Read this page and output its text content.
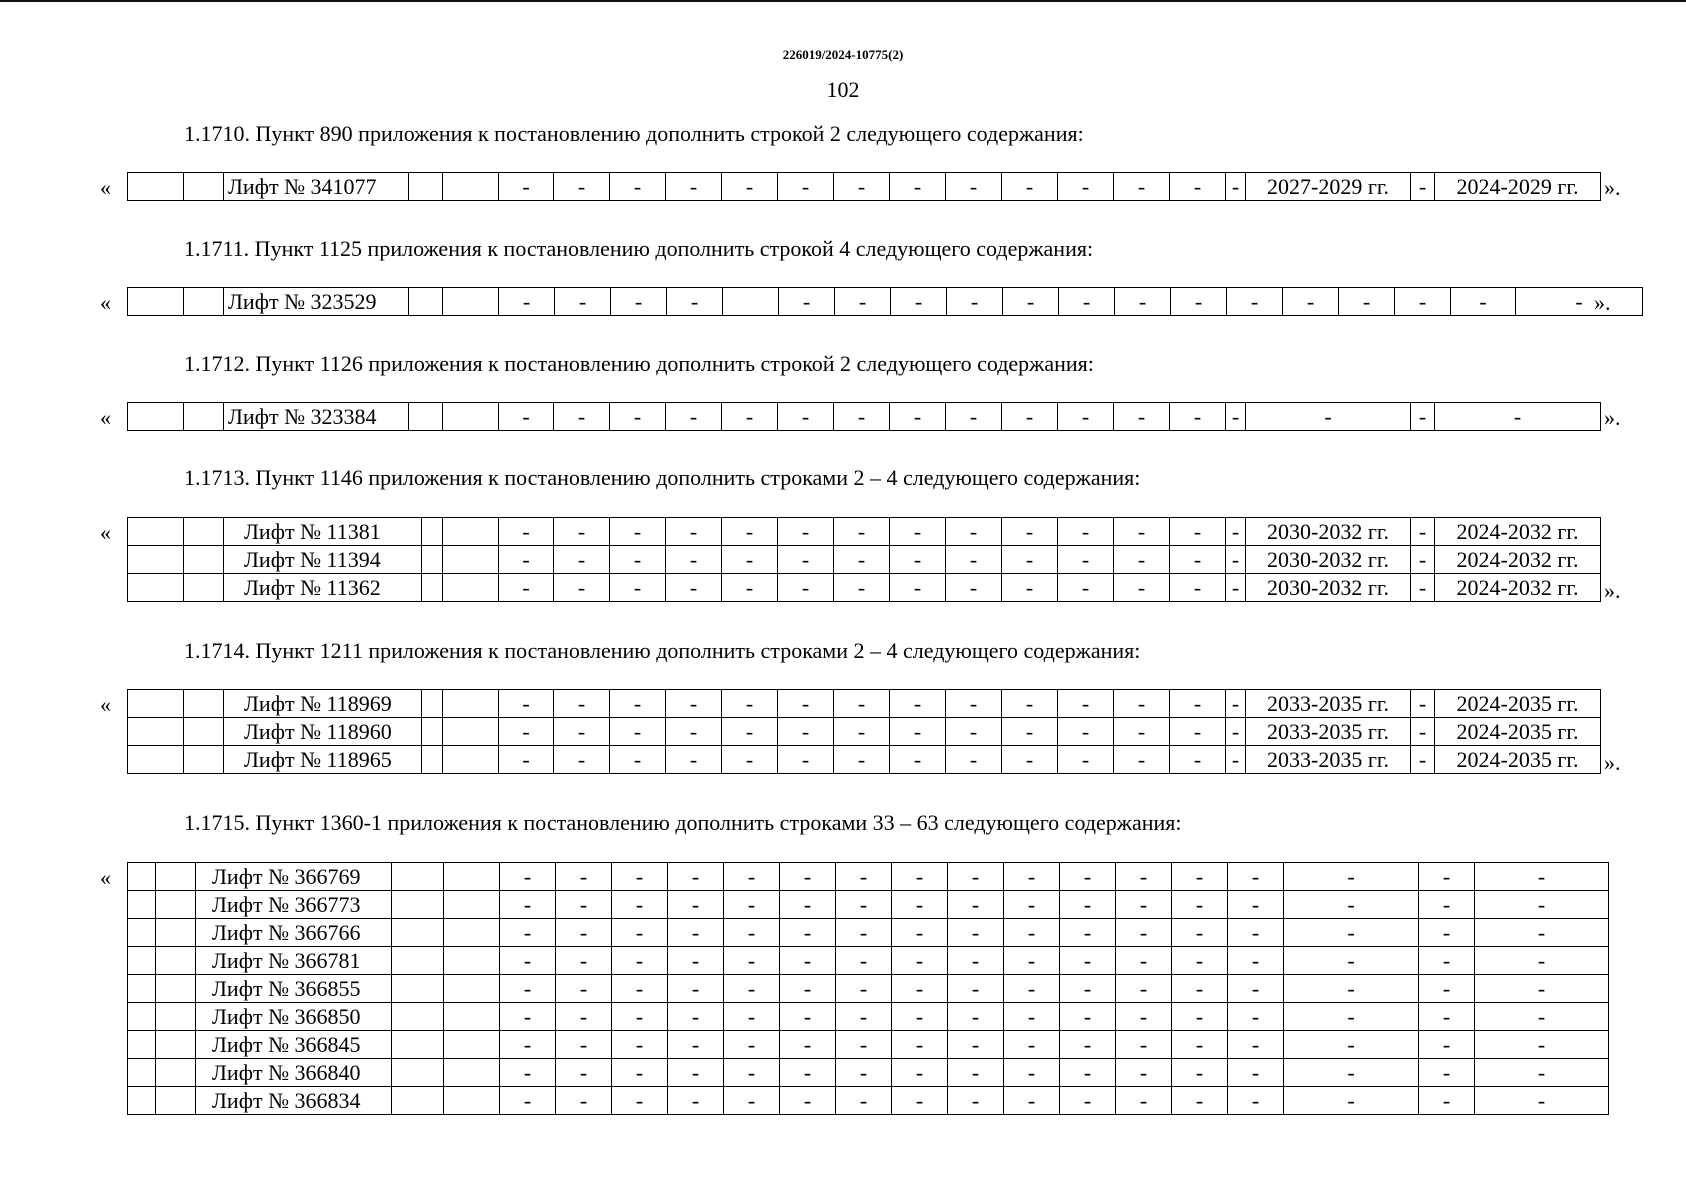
226019/2024-10775(2)
102
1.1710. Пункт 890 приложения к постановлению дополнить строкой 2 следующего содержания:
«
			Лифт № 341077			-	-	-	-	-	-	-	-	-	-	-	-	-	-	2027-2029 гг.	-	2024-2029 гг. ».
1.1711. Пункт 1125 приложения к постановлению дополнить строкой 4 следующего содержания:
«
			Лифт № 323529			-	-	-	-		-	-	-	-	-	-	-	-	-	-	-	-	-	- ».
1.1712. Пункт 1126 приложения к постановлению дополнить строкой 2 следующего содержания:
«
			Лифт № 323384			-	-	-	-	-	-	-	-	-	-	-	-	-	-	-	-	-	».
1.1713. Пункт 1146 приложения к постановлению дополнить строками 2 – 4 следующего содержания:
«
			Лифт № 11381			-	-	-	-	-	-	-	-	-	-	-	-	-	-	2030-2032 гг.	-	2024-2032 гг.
		Лифт № 11394			-	-	-	-	-	-	-	-	-	-	-	-	-	-	2030-2032 гг.	-	2024-2032 гг.
		Лифт № 11362			-	-	-	-	-	-	-	-	-	-	-	-	-	-	2030-2032 гг.	-	2024-2032 гг. ».
1.1714. Пункт 1211 приложения к постановлению дополнить строками 2 – 4 следующего содержания:
«
			Лифт № 118969			-	-	-	-	-	-	-	-	-	-	-	-	-	-	2033-2035 гг.	-	2024-2035 гг.
		Лифт № 118960			-	-	-	-	-	-	-	-	-	-	-	-	-	-	2033-2035 гг.	-	2024-2035 гг.
		Лифт № 118965			-	-	-	-	-	-	-	-	-	-	-	-	-	-	2033-2035 гг.	-	2024-2035 гг. ».
1.1715. Пункт 1360-1 приложения к постановлению дополнить строками 33 – 63 следующего содержания:
«
			Лифт № 366769			-	-	-	-	-	-	-	-	-	-	-	-	-	-	-	-	-
		Лифт № 366773			-	-	-	-	-	-	-	-	-	-	-	-	-	-	-	-	-
		Лифт № 366766			-	-	-	-	-	-	-	-	-	-	-	-	-	-	-	-	-
		Лифт № 366781			-	-	-	-	-	-	-	-	-	-	-	-	-	-	-	-	-
		Лифт № 366855			-	-	-	-	-	-	-	-	-	-	-	-	-	-	-	-	-
		Лифт № 366850			-	-	-	-	-	-	-	-	-	-	-	-	-	-	-	-	-
		Лифт № 366845			-	-	-	-	-	-	-	-	-	-	-	-	-	-	-	-	-
		Лифт № 366840			-	-	-	-	-	-	-	-	-	-	-	-	-	-	-	-	-
		Лифт № 366834			-	-	-	-	-	-	-	-	-	-	-	-	-	-	-	-	-
